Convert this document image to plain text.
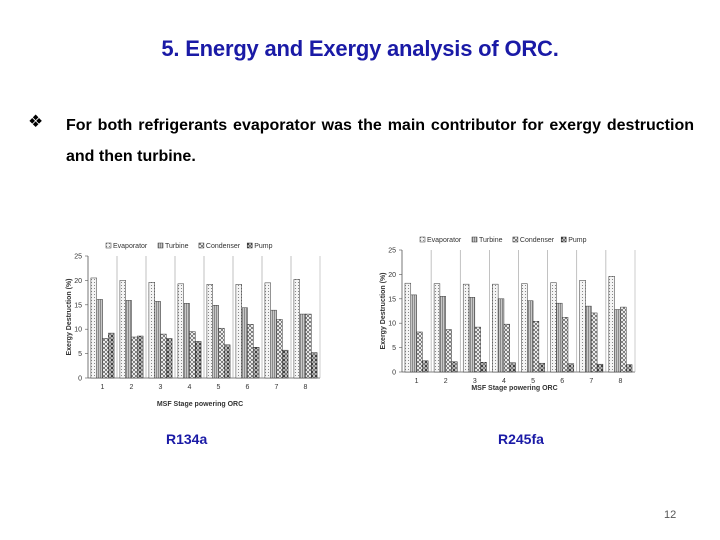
5. Energy and Exergy analysis of ORC.
❖ For both refrigerants evaporator was the main contributor for exergy destruction and then turbine.
Evaporator	Turbine Condenser Pump
0
5
10
15
20
25
1	2	3	4	5	6	7	8
MSF Stage powering ORC
Exergy Destruction (%)
Evaporator	Turbine Condenser Pump
0
5
10
15
20
25
1	2	3	4	5	6	7	8
MSF Stage powering ORC
Exergy Destruction (%)
R134a	R245fa
12
